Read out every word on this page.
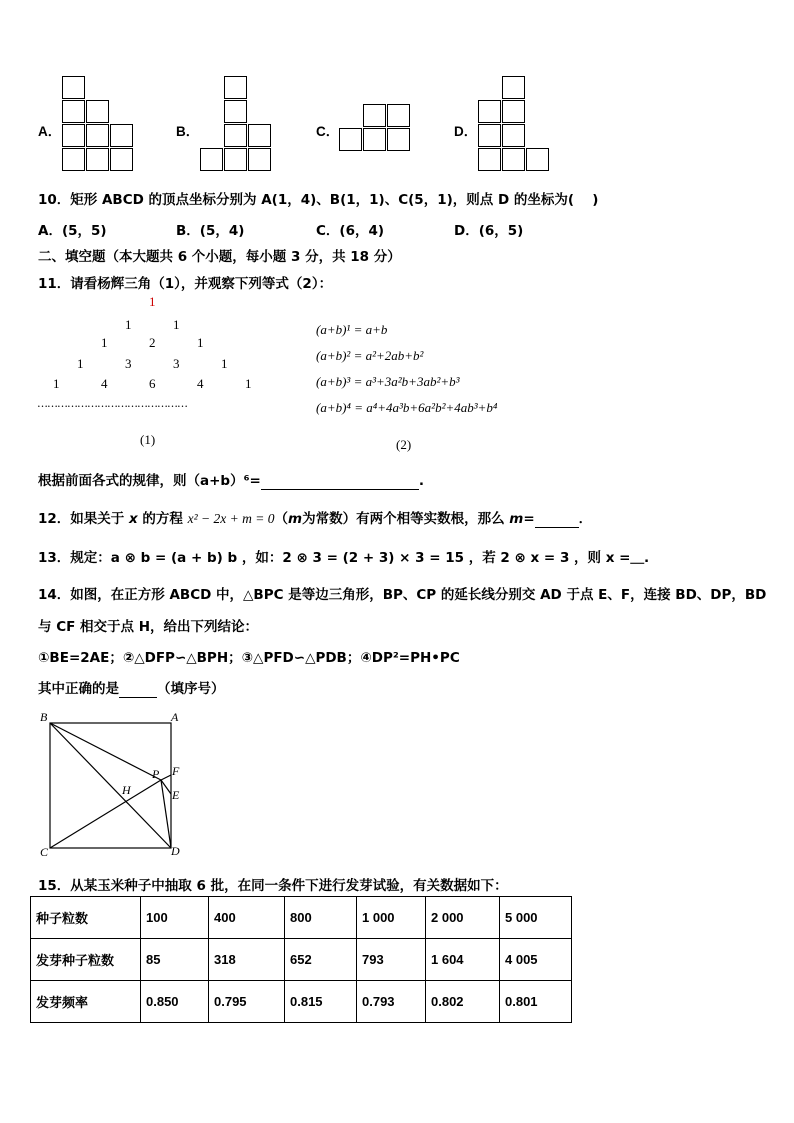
A．	B．	C．	D．
10．矩形 ABCD 的顶点坐标分别为 A(1，4)、B(1，1)、C(5，1)，则点 D 的坐标为(　 )
A．(5，5)	B．(5，4)	C．(6，4)	D．(6，5)
二、填空题（本大题共 6 个小题，每小题 3 分，共 18 分）
11．请看杨辉三角（1），并观察下列等式（2）：
1
1	1
1	2	1
1	3	3	1
1	4	6	4	1
………………………………………
(1)
(a+b)¹ = a+b
(a+b)² = a²+2ab+b²
(a+b)³ = a³+3a²b+3ab²+b³
(a+b)⁴ = a⁴+4a³b+6a²b²+4ab³+b⁴
(2)
根据前面各式的规律，则（a+b）⁶=	.
12．如果关于 x 的方程 x² − 2x + m = 0（m为常数）有两个相等实数根，那么 m=	．
13．规定：a ⊗ b = (a + b) b ，如：2 ⊗ 3 = (2 + 3) × 3 = 15 ，若 2 ⊗ x = 3 ，则 x =＿.
14．如图，在正方形 ABCD 中，△BPC 是等边三角形，BP、CP 的延长线分别交 AD 于点 E、F，连接 BD、DP，BD
与 CF 相交于点 H，给出下列结论：
①BE=2AE；②△DFP∽△BPH；③△PFD∽△PDB；④DP²=PH•PC
其中正确的是	（填序号）
B	A
C	D
P F
E
H
15．从某玉米种子中抽取 6 批，在同一条件下进行发芽试验，有关数据如下：
种子粒数	100	400	800	1 000	2 000	5 000
发芽种子粒数	85	318	652	793	1 604	4 005
发芽频率	0.850	0.795	0.815	0.793	0.802	0.801
